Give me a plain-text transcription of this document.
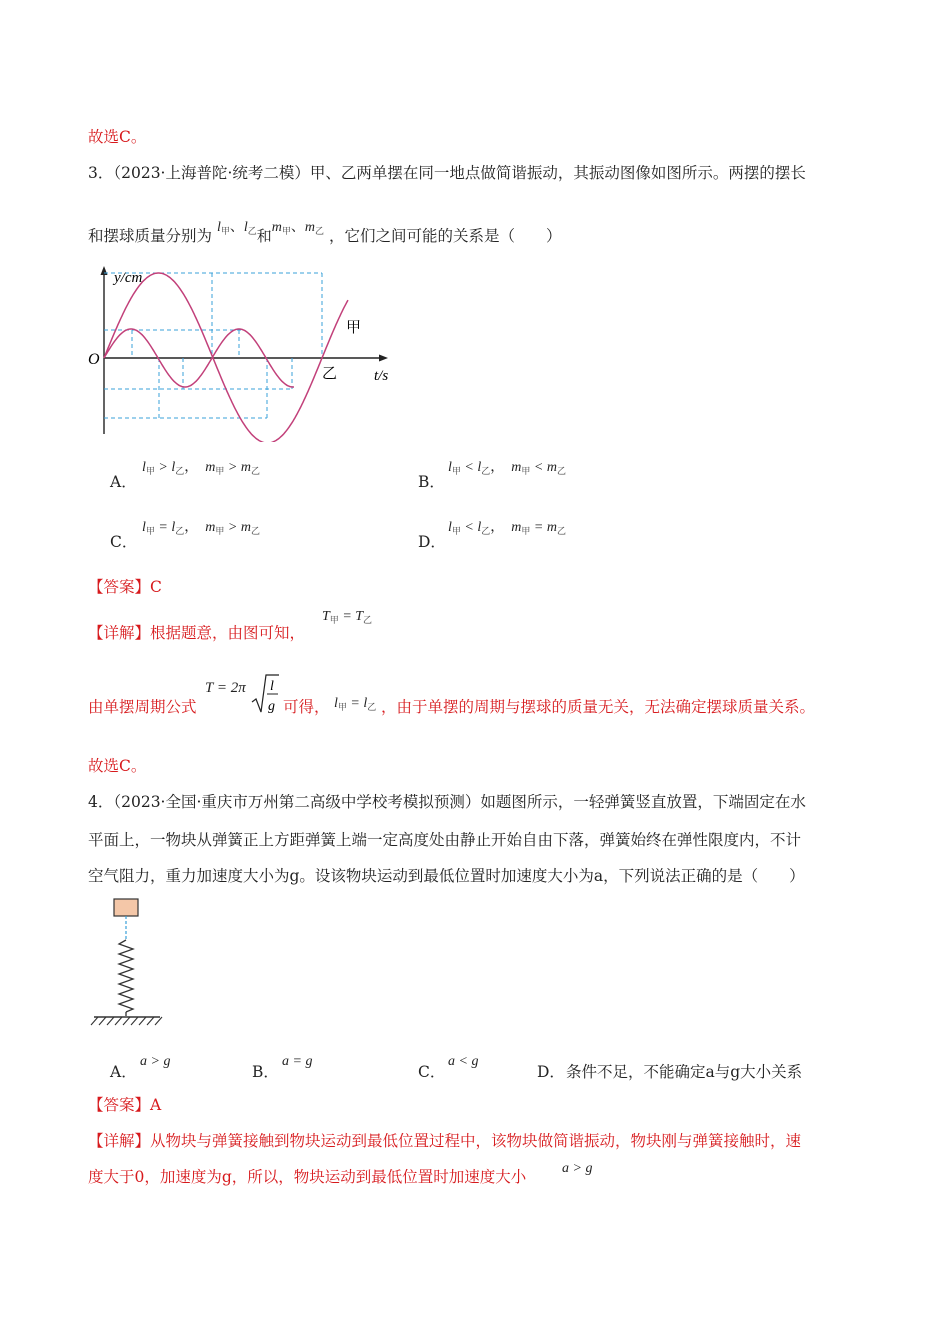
故选C。
3．（2023·上海普陀·统考二模）甲、乙两单摆在同一地点做简谐振动，其振动图像如图所示。两摆的摆长
和摆球质量分别为 $l_甲$、$l_乙$和$m_甲$、$m_乙$ ，它们之间可能的关系是（　　）
y/cm
O
t/s
甲
乙
A．
$l_甲 > l_乙$，  $m_甲 > m_乙$
B．
$l_甲 < l_乙$，  $m_甲 < m_乙$
C．
$l_甲 = l_乙$，  $m_甲 > m_乙$
D．
$l_甲 < l_乙$，  $m_甲 = m_乙$
【答案】C
【详解】根据题意，由图可知，
$T_甲 = T_乙$
由单摆周期公式
T = 2π l
g 可得， $l_甲 = l_乙$ ，由于单摆的周期与摆球的质量无关，无法确定摆球质量关系。
故选C。
4．（2023·全国·重庆市万州第二高级中学校考模拟预测）如题图所示，一轻弹簧竖直放置，下端固定在水
平面上，一物块从弹簧正上方距弹簧上端一定高度处由静止开始自由下落，弹簧始终在弹性限度内，不计
空气阻力，重力加速度大小为g。设该物块运动到最低位置时加速度大小为a，下列说法正确的是（　　）
A．
a > g
B．
a = g
C．
a < g
D． 条件不足，不能确定a与g大小关系
【答案】A
【详解】从物块与弹簧接触到物块运动到最低位置过程中，该物块做简谐振动，物块刚与弹簧接触时，速
度大于0，加速度为g，所以，物块运动到最低位置时加速度大小	a > g
